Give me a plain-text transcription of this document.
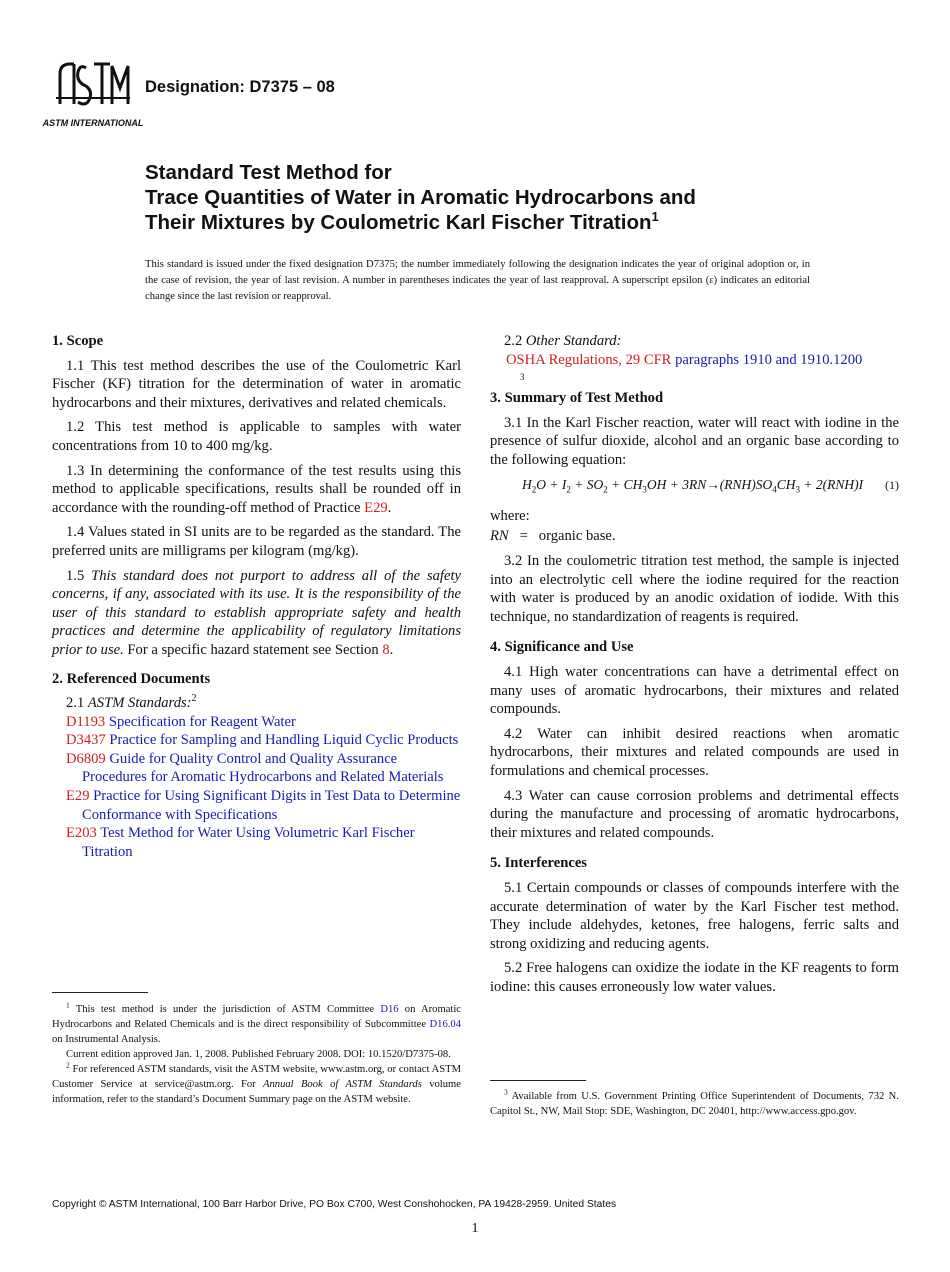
ASTM INTERNATIONAL
Designation: D7375 – 08
Standard Test Method for
Trace Quantities of Water in Aromatic Hydrocarbons and
Their Mixtures by Coulometric Karl Fischer Titration$^1$
This standard is issued under the fixed designation D7375; the number immediately following the designation indicates the year of original adoption or, in the case of revision, the year of last revision. A number in parentheses indicates the year of last reapproval. A superscript epsilon (ε) indicates an editorial change since the last revision or reapproval.
1. Scope
1.1 This test method describes the use of the Coulometric Karl Fischer (KF) titration for the determination of water in aromatic hydrocarbons and their mixtures, derivatives and related chemicals.
1.2 This test method is applicable to samples with water concentrations from 10 to 400 mg/kg.
1.3 In determining the conformance of the test results using this method to applicable specifications, results shall be rounded off in accordance with the rounding-off method of Practice E29.
1.4 Values stated in SI units are to be regarded as the standard. The preferred units are milligrams per kilogram (mg/kg).
1.5 This standard does not purport to address all of the safety concerns, if any, associated with its use. It is the responsibility of the user of this standard to establish appropriate safety and health practices and determine the applicability of regulatory limitations prior to use. For a specific hazard statement see Section 8.
2. Referenced Documents
2.1 ASTM Standards:$^2$
D1193 Specification for Reagent Water
D3437 Practice for Sampling and Handling Liquid Cyclic Products
D6809 Guide for Quality Control and Quality Assurance Procedures for Aromatic Hydrocarbons and Related Materials
E29 Practice for Using Significant Digits in Test Data to Determine Conformance with Specifications
E203 Test Method for Water Using Volumetric Karl Fischer Titration

$^1$ This test method is under the jurisdiction of ASTM Committee D16 on Aromatic Hydrocarbons and Related Chemicals and is the direct responsibility of Subcommittee D16.04 on Instrumental Analysis.

Current edition approved Jan. 1, 2008. Published February 2008. DOI: 10.1520/D7375-08.

$^2$ For referenced ASTM standards, visit the ASTM website, www.astm.org, or contact ASTM Customer Service at service@astm.org. For Annual Book of ASTM Standards volume information, refer to the standard’s Document Summary page on the ASTM website.

2.2 Other Standard:
OSHA Regulations, 29 CFR paragraphs 1910 and 1910.1200
3
3. Summary of Test Method
3.1 In the Karl Fischer reaction, water will react with iodine in the presence of sulfur dioxide, alcohol and an organic base according to the following equation:
$H_2O + I_2 + SO_2 + CH_3OH + 3RN\to(RNH)SO_4CH_3 + 2(RNH)I$ (1)
where:
RN = organic base.
3.2 In the coulometric titration test method, the sample is injected into an electrolytic cell where the iodine required for the reaction with water is produced by an anodic oxidation of iodide. With this technique, no standardization of reagents is required.
4. Significance and Use
4.1 High water concentrations can have a detrimental effect on many uses of aromatic hydrocarbons, their mixtures and related compounds.
4.2 Water can inhibit desired reactions when aromatic hydrocarbons, their mixtures and related compounds are used in formulations and chemical processes.
4.3 Water can cause corrosion problems and detrimental effects during the manufacture and processing of aromatic hydrocarbons, their mixtures and related compounds.
5. Interferences
5.1 Certain compounds or classes of compounds interfere with the accurate determination of water by the Karl Fischer test method. They include aldehydes, ketones, free halogens, ferric salts and strong oxidizing and reducing agents.
5.2 Free halogens can oxidize the iodate in the KF reagents to form iodine: this causes erroneously low water values.

$^3$ Available from U.S. Government Printing Office Superintendent of Documents, 732 N. Capitol St., NW, Mail Stop: SDE, Washington, DC 20401, http://www.access.gpo.gov.

Copyright © ASTM International, 100 Barr Harbor Drive, PO Box C700, West Conshohocken, PA 19428-2959. United States
1
